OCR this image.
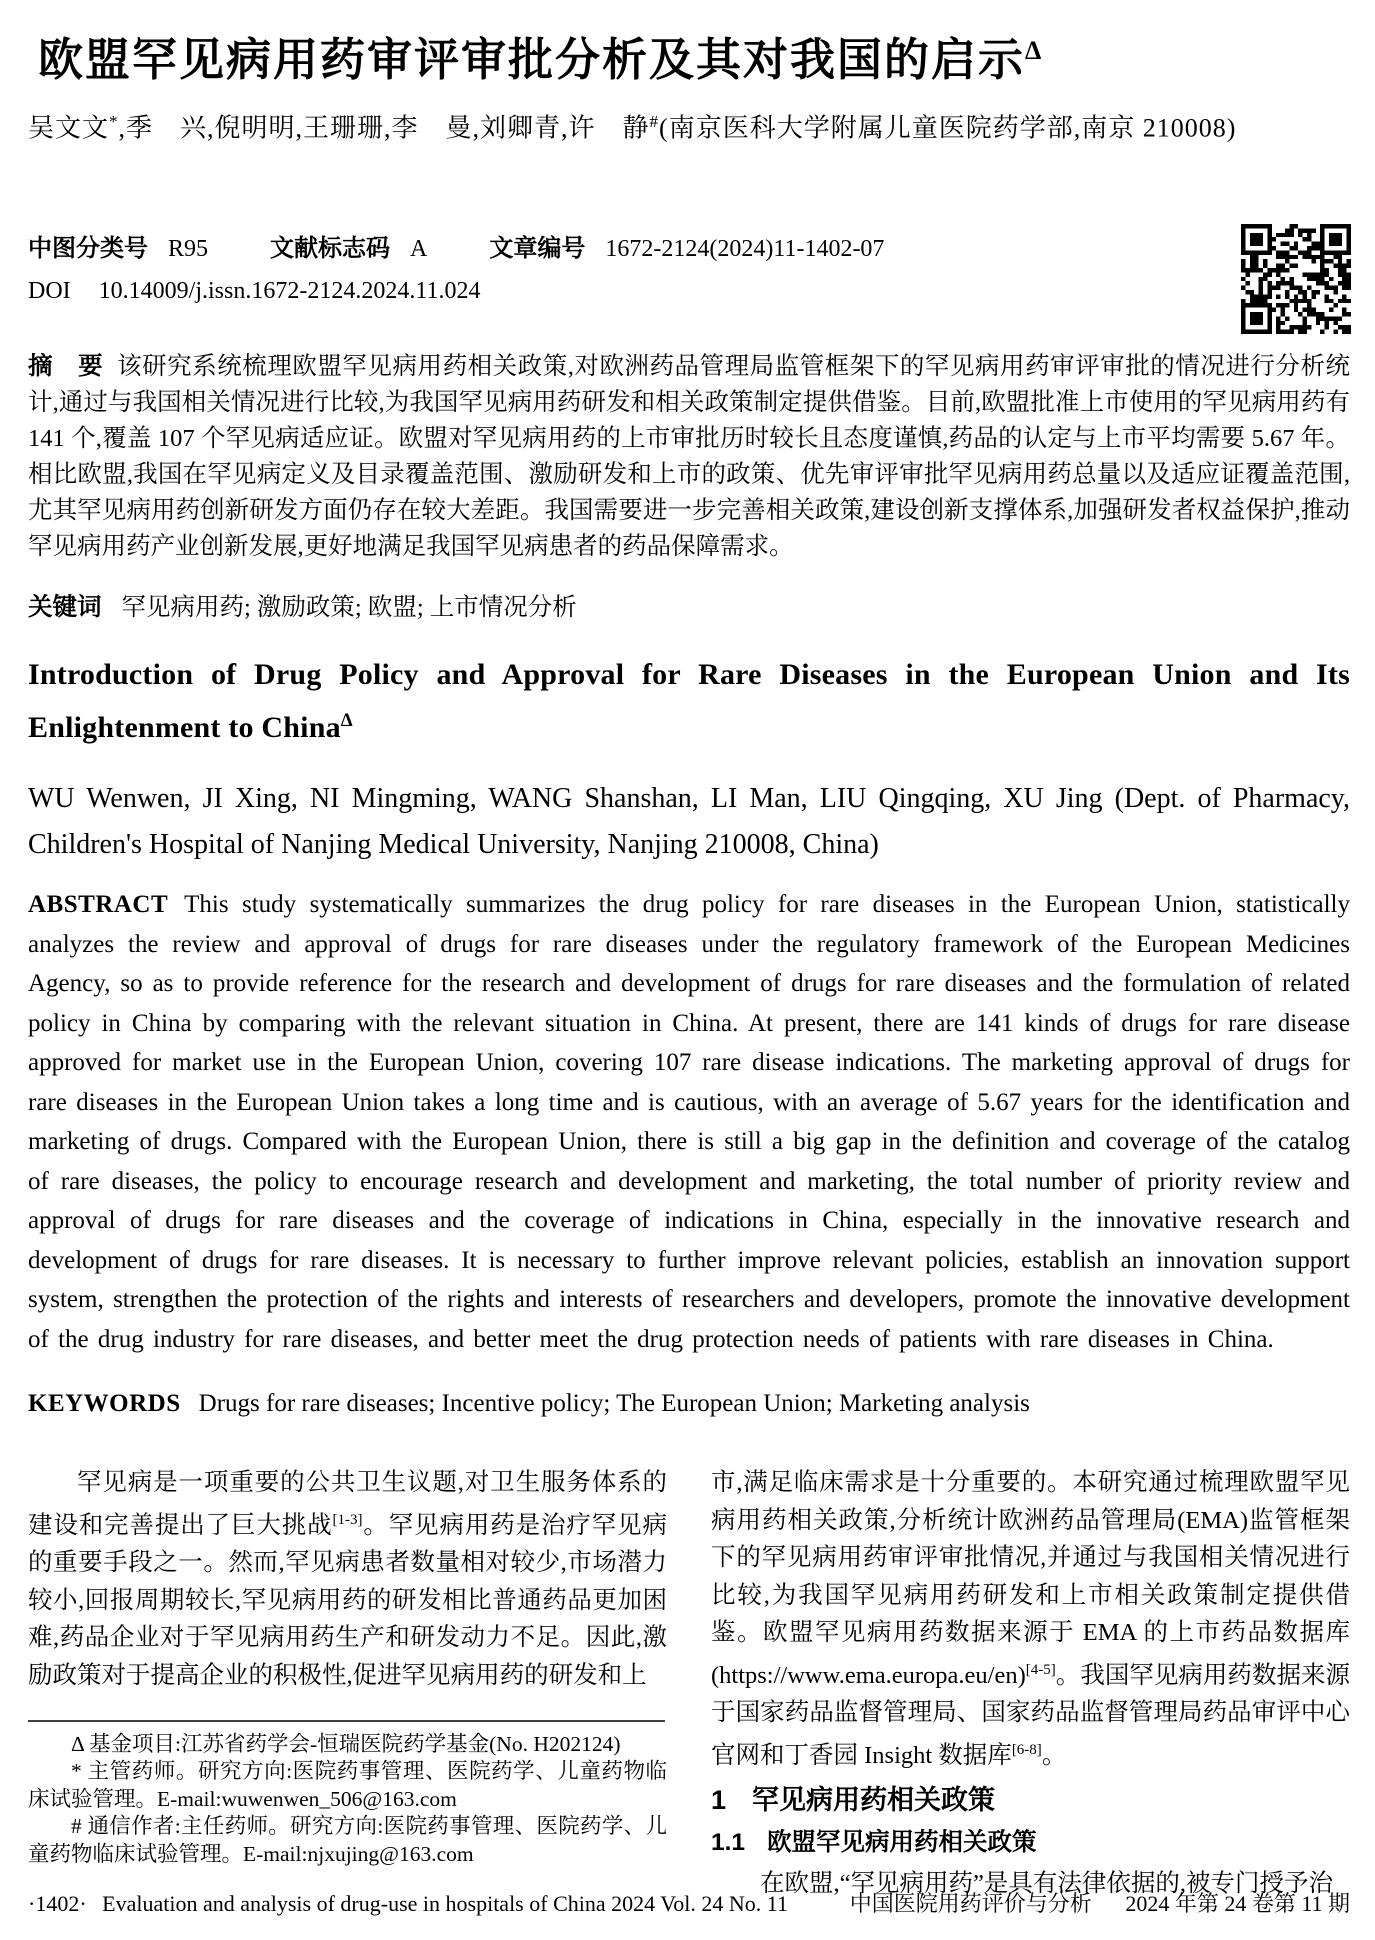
欧盟罕见病用药审评审批分析及其对我国的启示$^\Delta$
吴文文*,季　兴,倪明明,王珊珊,李　曼,刘卿青,许　静#(南京医科大学附属儿童医院药学部,南京 210008)
中图分类号 R95	文献标志码 A	文章编号 1672-2124(2024)11-1402-07
DOI 10.14009/j.issn.1672-2124.2024.11.024

摘　要 该研究系统梳理欧盟罕见病用药相关政策,对欧洲药品管理局监管框架下的罕见病用药审评审批的情况进行分析统计,通过与我国相关情况进行比较,为我国罕见病用药研发和相关政策制定提供借鉴。目前,欧盟批准上市使用的罕见病用药有 141 个,覆盖 107 个罕见病适应证。欧盟对罕见病用药的上市审批历时较长且态度谨慎,药品的认定与上市平均需要 5.67 年。相比欧盟,我国在罕见病定义及目录覆盖范围、激励研发和上市的政策、优先审评审批罕见病用药总量以及适应证覆盖范围,尤其罕见病用药创新研发方面仍存在较大差距。我国需要进一步完善相关政策,建设创新支撑体系,加强研发者权益保护,推动罕见病用药产业创新发展,更好地满足我国罕见病患者的药品保障需求。

关键词 罕见病用药; 激励政策; 欧盟; 上市情况分析

Introduction of Drug Policy and Approval for Rare Diseases in the European Union and Its Enlightenment to China$^\Delta$
WU Wenwen, JI Xing, NI Mingming, WANG Shanshan, LI Man, LIU Qingqing, XU Jing (Dept. of Pharmacy, Children's Hospital of Nanjing Medical University, Nanjing 210008, China)

ABSTRACT This study systematically summarizes the drug policy for rare diseases in the European Union, statistically analyzes the review and approval of drugs for rare diseases under the regulatory framework of the European Medicines Agency, so as to provide reference for the research and development of drugs for rare diseases and the formulation of related policy in China by comparing with the relevant situation in China. At present, there are 141 kinds of drugs for rare disease approved for market use in the European Union, covering 107 rare disease indications. The marketing approval of drugs for rare diseases in the European Union takes a long time and is cautious, with an average of 5.67 years for the identification and marketing of drugs. Compared with the European Union, there is still a big gap in the definition and coverage of the catalog of rare diseases, the policy to encourage research and development and marketing, the total number of priority review and approval of drugs for rare diseases and the coverage of indications in China, especially in the innovative research and development of drugs for rare diseases. It is necessary to further improve relevant policies, establish an innovation support system, strengthen the protection of the rights and interests of researchers and developers, promote the innovative development of the drug industry for rare diseases, and better meet the drug protection needs of patients with rare diseases in China.

KEYWORDS Drugs for rare diseases; Incentive policy; The European Union; Marketing analysis

罕见病是一项重要的公共卫生议题,对卫生服务体系的建设和完善提出了巨大挑战[1-3]。罕见病用药是治疗罕见病的重要手段之一。然而,罕见病患者数量相对较少,市场潜力较小,回报周期较长,罕见病用药的研发相比普通药品更加困难,药品企业对于罕见病用药生产和研发动力不足。因此,激励政策对于提高企业的积极性,促进罕见病用药的研发和上

Δ 基金项目:江苏省药学会-恒瑞医院药学基金(No. H202124)

* 主管药师。研究方向:医院药事管理、医院药学、儿童药物临床试验管理。E-mail:wuwenwen_506@163.com

# 通信作者:主任药师。研究方向:医院药事管理、医院药学、儿童药物临床试验管理。E-mail:njxujing@163.com

市,满足临床需求是十分重要的。本研究通过梳理欧盟罕见病用药相关政策,分析统计欧洲药品管理局(EMA)监管框架下的罕见病用药审评审批情况,并通过与我国相关情况进行比较,为我国罕见病用药研发和上市相关政策制定提供借鉴。欧盟罕见病用药数据来源于 EMA 的上市药品数据库(https://www.ema.europa.eu/en)[4-5]。我国罕见病用药数据来源于国家药品监督管理局、国家药品监督管理局药品审评中心官网和丁香园 Insight 数据库[6-8]。

1 罕见病用药相关政策
1.1 欧盟罕见病用药相关政策

在欧盟,“罕见病用药”是具有法律依据的,被专门授予治

·1402· Evaluation and analysis of drug-use in hospitals of China 2024 Vol. 24 No. 11	中国医院用药评价与分析 2024 年第 24 卷第 11 期
